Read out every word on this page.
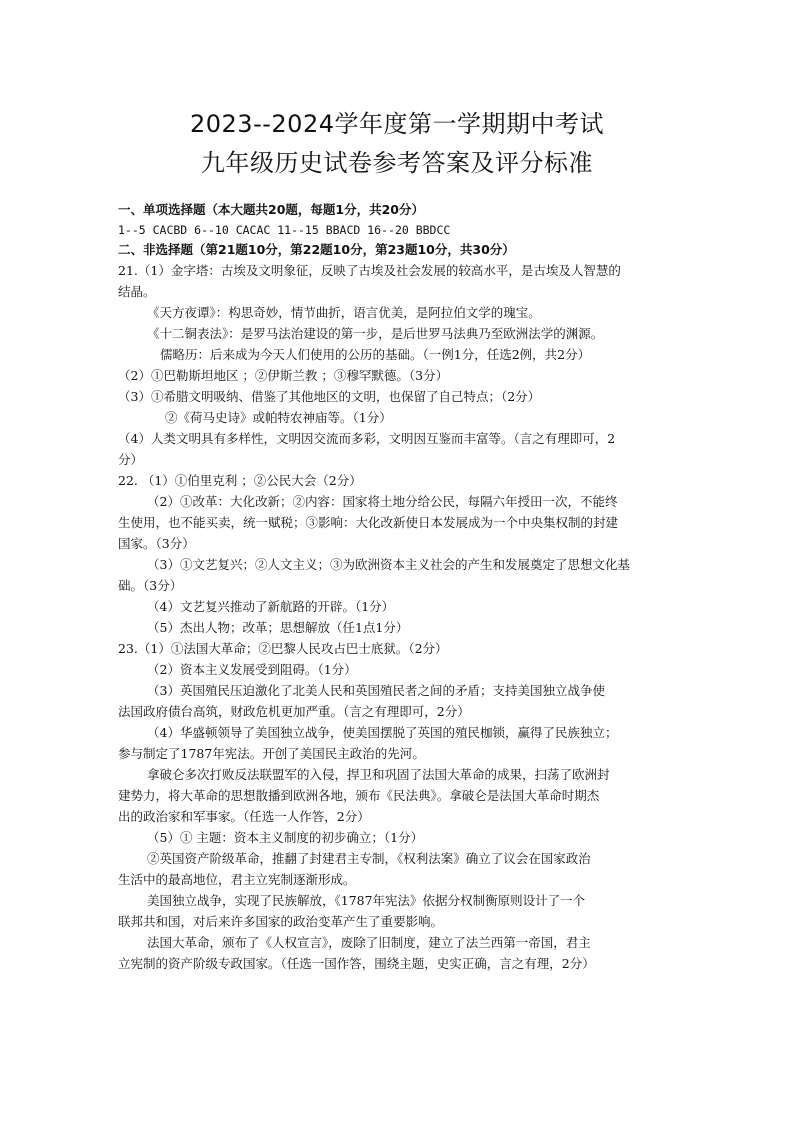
2023--2024学年度第一学期期中考试
九年级历史试卷参考答案及评分标准
一、单项选择题（本大题共20题，每题1分，共20分）
1--5 CACBD 6--10 CACAC 11--15 BBACD 16--20 BBDCC
二、非选择题（第21题10分，第22题10分，第23题10分，共30分）
21.（1）金字塔：古埃及文明象征，反映了古埃及社会发展的较高水平，是古埃及人智慧的
结晶。
《天方夜谭》：构思奇妙，情节曲折，语言优美，是阿拉伯文学的瑰宝。
《十二铜表法》：是罗马法治建设的第一步，是后世罗马法典乃至欧洲法学的渊源。
儒略历：后来成为今天人们使用的公历的基础。（一例1分，任选2例，共2分）
（2）①巴勒斯坦地区 ；②伊斯兰教 ；③穆罕默德。（3分）
（3）①希腊文明吸纳、借鉴了其他地区的文明，也保留了自己特点；（2分）
②《荷马史诗》或帕特农神庙等。（1分）
（4）人类文明具有多样性，文明因交流而多彩，文明因互鉴而丰富等。（言之有理即可，2
分）
22. （1）①伯里克利 ；②公民大会（2分）
（2）①改革：大化改新；②内容：国家将土地分给公民，每隔六年授田一次，不能终
生使用，也不能买卖，统一赋税；③影响：大化改新使日本发展成为一个中央集权制的封建
国家。（3分）
（3）①文艺复兴；②人文主义；③为欧洲资本主义社会的产生和发展奠定了思想文化基
础。（3分）
（4）文艺复兴推动了新航路的开辟。（1分）
（5）杰出人物；改革；思想解放（任1点1分）
23.（1）①法国大革命；②巴黎人民攻占巴士底狱。（2分）
（2）资本主义发展受到阻碍。（1分）
（3）英国殖民压迫激化了北美人民和英国殖民者之间的矛盾；支持美国独立战争使
法国政府债台高筑，财政危机更加严重。（言之有理即可，2分）
（4）华盛顿领导了美国独立战争，使美国摆脱了英国的殖民枷锁，赢得了民族独立；
参与制定了1787年宪法。开创了美国民主政治的先河。
拿破仑多次打败反法联盟军的入侵，捍卫和巩固了法国大革命的成果，扫荡了欧洲封
建势力，将大革命的思想散播到欧洲各地，颁布《民法典》。拿破仑是法国大革命时期杰
出的政治家和军事家。（任选一人作答，2分）
（5）① 主题：资本主义制度的初步确立；（1分）
②英国资产阶级革命，推翻了封建君主专制，《权利法案》确立了议会在国家政治
生活中的最高地位，君主立宪制逐渐形成。
美国独立战争，实现了民族解放，《1787年宪法》依据分权制衡原则设计了一个
联邦共和国，对后来许多国家的政治变革产生了重要影响。
法国大革命，颁布了《人权宣言》，废除了旧制度，建立了法兰西第一帝国，君主
立宪制的资产阶级专政国家。（任选一国作答，围绕主题，史实正确，言之有理，2分）
